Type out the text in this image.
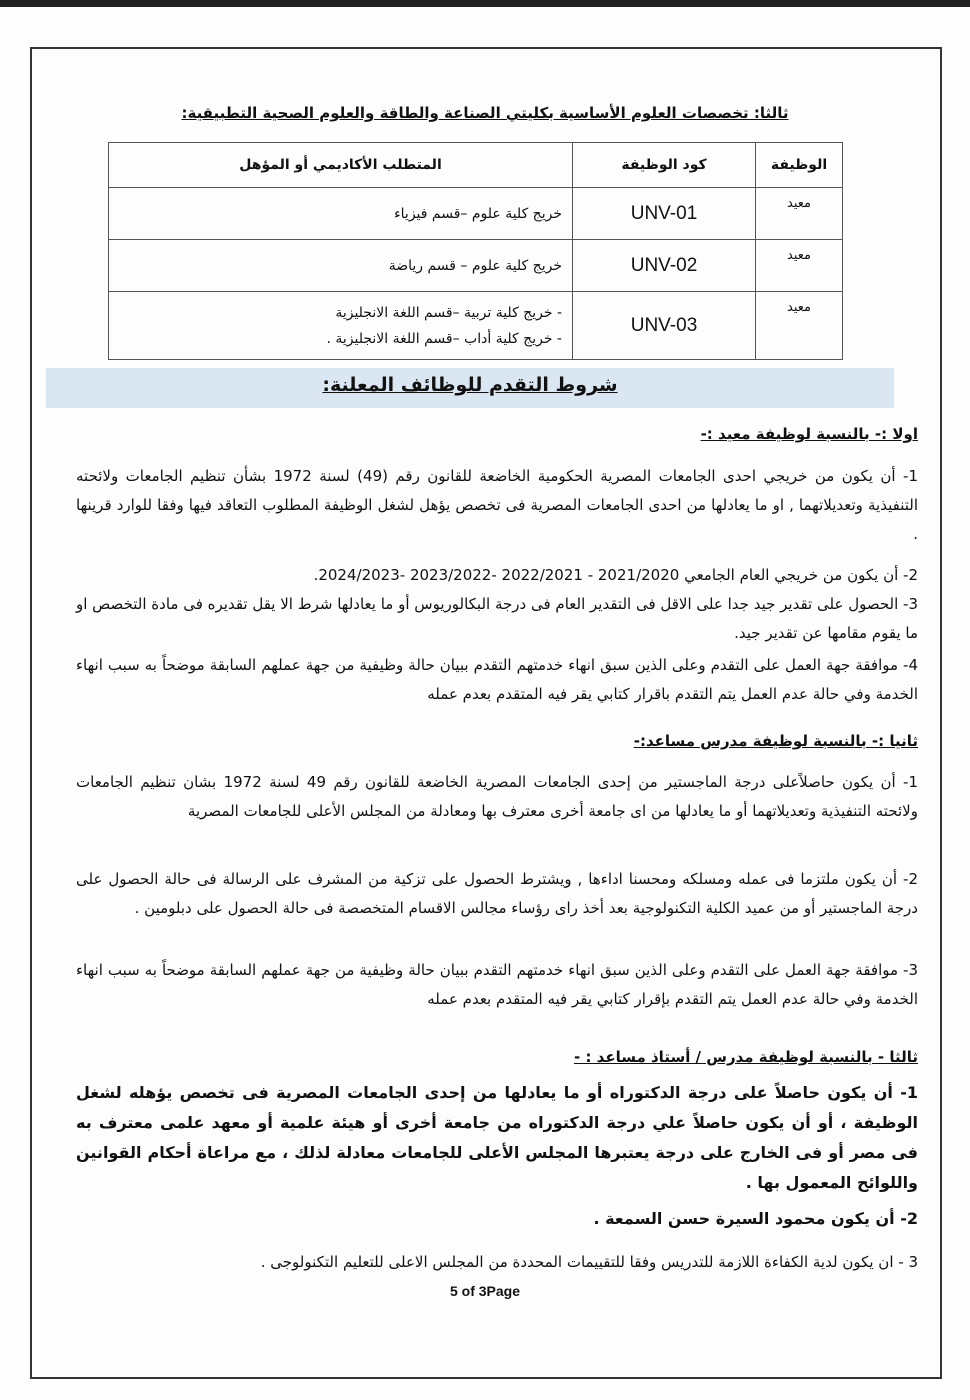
ثالثا: تخصصات العلوم الأساسية بكليتي الصناعة والطاقة والعلوم الصحية التطبيقية:
الوظيفة	كود الوظيفة	المتطلب الأكاديمي أو المؤهل
معيد	UNV-01	خريج كلية علوم –قسم فيزياء

معيد	UNV-02	خريج كلية علوم – قسم رياضة

معيد	UNV-03	- خريج كلية تربية –قسم اللغة الانجليزية
- خريج كلية أداب –قسم اللغة الانجليزية .
شروط التقدم للوظائف المعلنة:
اولا :- بالنسبة لوظيفة معيد :-
1- أن يكون من خريجي احدى الجامعات المصرية الحكومية الخاضعة للقانون رقم (49) لسنة 1972 بشأن تنظيم الجامعات ولائحته التنفيذية وتعديلاتهما , او ما يعادلها من احدى الجامعات المصرية فى تخصص يؤهل لشغل الوظيفة المطلوب التعاقد فيها وفقا للوارد قرينها .
2- أن يكون من خريجي العام الجامعي 2021/2020 - 2022/2021 -2023/2022 -2024/2023.
3- الحصول على تقدير جيد جدا على الاقل فى التقدير العام فى درجة البكالوريوس أو ما يعادلها شرط الا يقل تقديره فى مادة التخصص او ما يقوم مقامها عن تقدير جيد.
4- موافقة جهة العمل على التقدم وعلى الذين سبق انهاء خدمتهم التقدم ببيان حالة وظيفية من جهة عملهم السابقة موضحاً به سبب انهاء الخدمة وفي حالة عدم العمل يتم التقدم باقرار كتابي يقر فيه المتقدم بعدم عمله
ثانيا :- بالنسبة لوظيفة مدرس مساعد:-
1- أن يكون حاصلاًعلى درجة الماجستير من إحدى الجامعات المصرية الخاضعة للقانون رقم 49 لسنة 1972 بشان تنظيم الجامعات ولائحته التنفيذية وتعديلاتهما أو ما يعادلها من اى جامعة أخرى معترف بها ومعادلة من المجلس الأعلى للجامعات المصرية
2- أن يكون ملتزما فى عمله ومسلكه ومحسنا اداءها , ويشترط الحصول على تزكية من المشرف على الرسالة فى حالة الحصول على درجة الماجستير أو من عميد الكلية التكنولوجية بعد أخذ راى رؤساء مجالس الاقسام المتخصصة فى حالة الحصول على دبلومين .
3- موافقة جهة العمل على التقدم وعلى الذين سبق انهاء خدمتهم التقدم ببيان حالة وظيفية من جهة عملهم السابقة موضحاً به سبب انهاء الخدمة وفي حالة عدم العمل يتم التقدم بإقرار كتابي يقر فيه المتقدم بعدم عمله
ثالثا - بالنسبة لوظيفة مدرس / أستاذ مساعد : -
1- أن يكون حاصلاً على درجة الدكتوراه أو ما يعادلها من إحدى الجامعات المصرية فى تخصص يؤهله لشغل الوظيفة ، أو أن يكون حاصلاً علي درجة الدكتوراه من جامعة أخرى أو هيئة علمية أو معهد علمى معترف به فى مصر أو فى الخارج على درجة يعتبرها المجلس الأعلى للجامعات معادلة لذلك ، مع مراعاة أحكام القوانين واللوائح المعمول بها .
2- أن يكون محمود السيرة حسن السمعة .
3 - ان يكون لدية الكفاءة اللازمة للتدريس وفقا للتقييمات المحددة من المجلس الاعلى للتعليم التكنولوجى .
5 of 3Page
